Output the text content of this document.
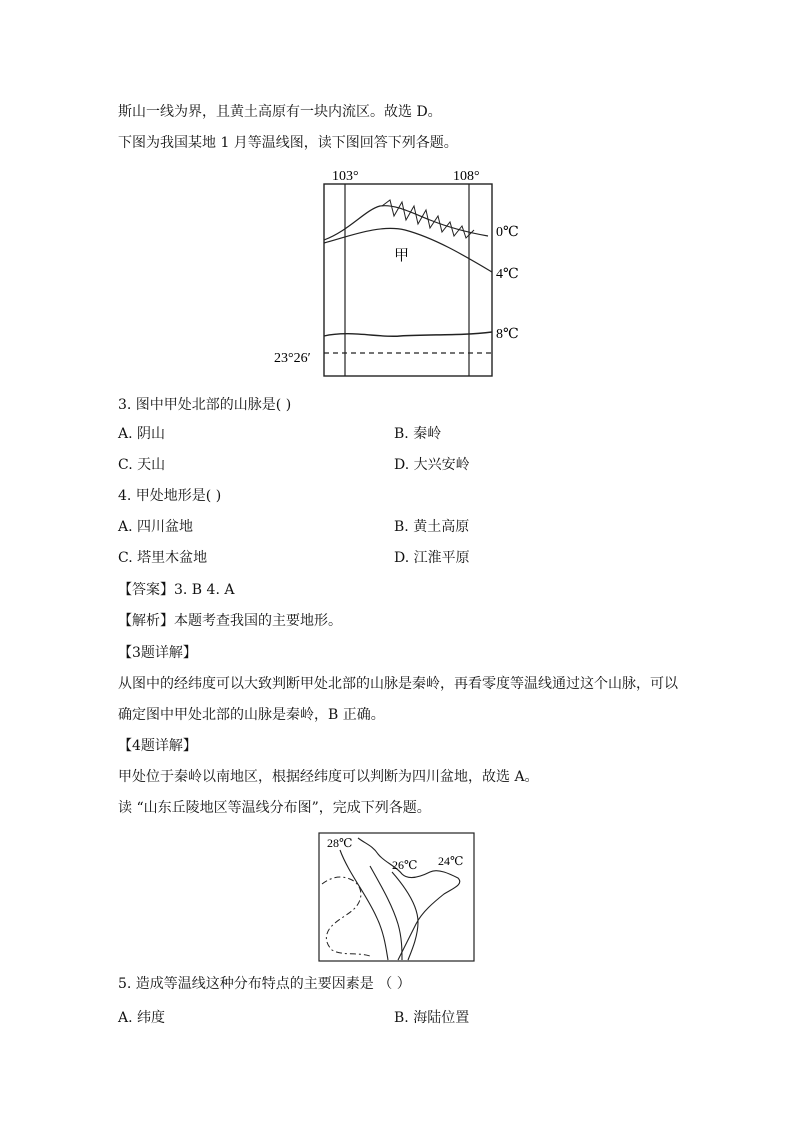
斯山一线为界，且黄土高原有一块内流区。故选 D。
下图为我国某地 1 月等温线图，读下图回答下列各题。
103°	108°
甲
0℃
4℃
8℃
23°26′
3. 图中甲处北部的山脉是( )
A. 阴山	B. 秦岭
C. 天山	D. 大兴安岭
4. 甲处地形是( )
A. 四川盆地	B. 黄土高原
C. 塔里木盆地	D. 江淮平原
【答案】3. B 4. A
【解析】本题考查我国的主要地形。
【3题详解】
从图中的经纬度可以大致判断甲处北部的山脉是秦岭，再看零度等温线通过这个山脉，可以
确定图中甲处北部的山脉是秦岭，B 正确。
【4题详解】
甲处位于秦岭以南地区，根据经纬度可以判断为四川盆地，故选 A。
读 “山东丘陵地区等温线分布图”，完成下列各题。
28℃
26℃ 24℃
5. 造成等温线这种分布特点的主要因素是 （ ）
A. 纬度	B. 海陆位置
